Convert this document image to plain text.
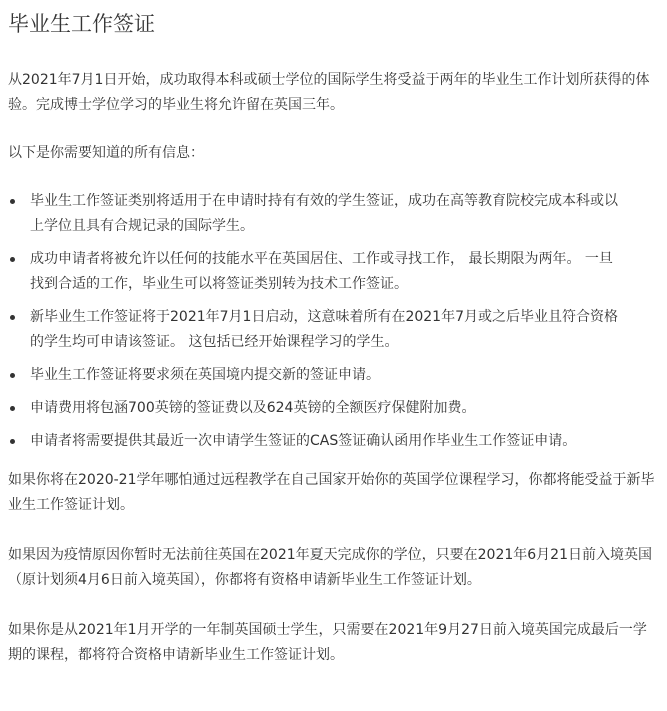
毕业生工作签证

从2021年7月1日开始，成功取得本科或硕士学位的国际学生将受益于两年的毕业生工作计划所获得的体验。完成博士学位学习的毕业生将允许留在英国三年。

以下是你需要知道的所有信息：

毕业生工作签证类别将适用于在申请时持有有效的学生签证，成功在高等教育院校完成本科或以上学位且具有合规记录的国际学生。
成功申请者将被允许以任何的技能水平在英国居住、工作或寻找工作， 最长期限为两年。 一旦找到合适的工作，毕业生可以将签证类别转为技术工作签证。
新毕业生工作签证将于2021年7月1日启动，这意味着所有在2021年7月或之后毕业且符合资格的学生均可申请该签证。 这包括已经开始课程学习的学生。
毕业生工作签证将要求须在英国境内提交新的签证申请。
申请费用将包涵700英镑的签证费以及624英镑的全额医疗保健附加费。
申请者将需要提供其最近一次申请学生签证的CAS签证确认函用作毕业生工作签证申请。

如果你将在2020-21学年哪怕通过远程教学在自己国家开始你的英国学位课程学习，你都将能受益于新毕业生工作签证计划。

如果因为疫情原因你暂时无法前往英国在2021年夏天完成你的学位，只要在2021年6月21日前入境英国（原计划须4月6日前入境英国），你都将有资格申请新毕业生工作签证计划。

如果你是从2021年1月开学的一年制英国硕士学生，只需要在2021年9月27日前入境英国完成最后一学期的课程，都将符合资格申请新毕业生工作签证计划。
